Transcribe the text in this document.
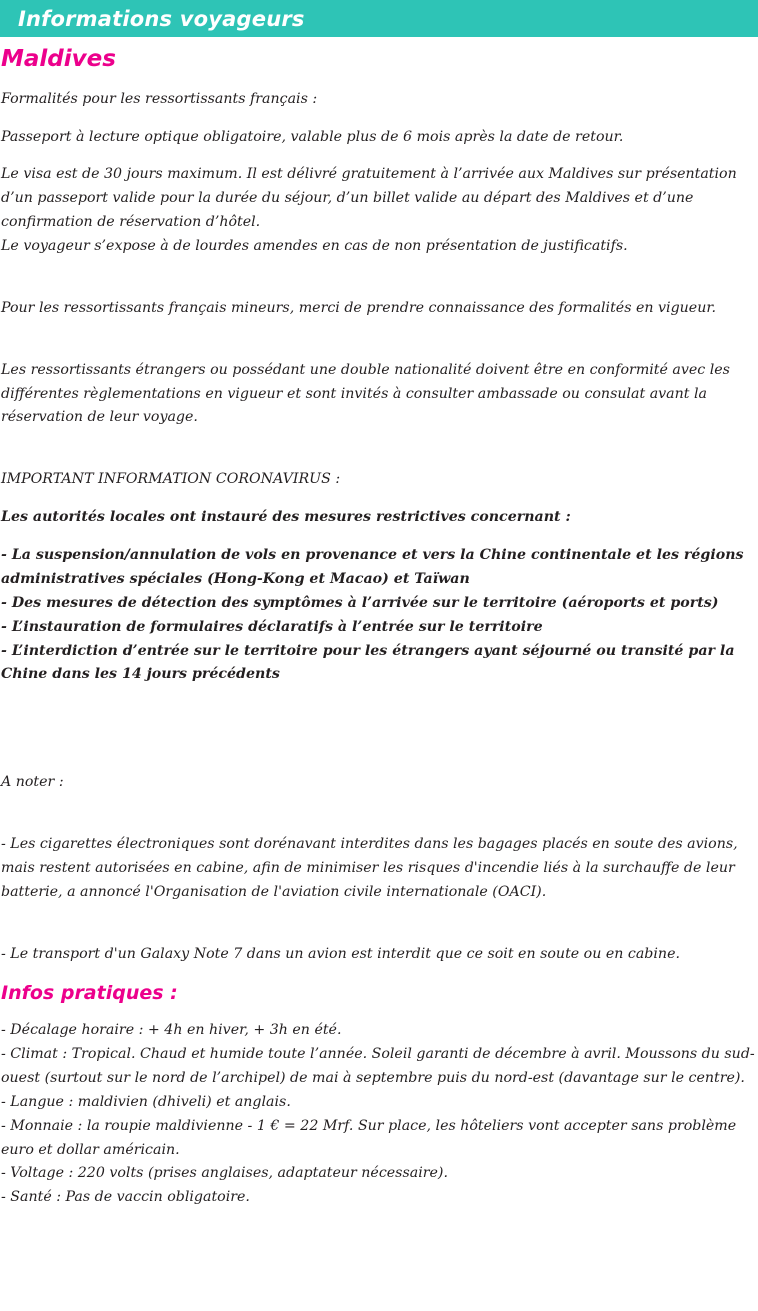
Informations voyageurs
Maldives

Formalités pour les ressortissants français :

Passeport à lecture optique obligatoire, valable plus de 6 mois après la date de retour.

Le visa est de 30 jours maximum. Il est délivré gratuitement à l’arrivée aux Maldives sur présentation d’un passeport valide pour la durée du séjour, d’un billet valide au départ des Maldives et d’une confirmation de réservation d’hôtel.

Le voyageur s’expose à de lourdes amendes en cas de non présentation de justificatifs.

Pour les ressortissants français mineurs, merci de prendre connaissance des formalités en vigueur.

Les ressortissants étrangers ou possédant une double nationalité doivent être en conformité avec les différentes règlementations en vigueur et sont invités à consulter ambassade ou consulat avant la réservation de leur voyage.

IMPORTANT INFORMATION CORONAVIRUS :

Les autorités locales ont instauré des mesures restrictives concernant :

- La suspension/annulation de vols en provenance et vers la Chine continentale et les régions administratives spéciales (Hong-Kong et Macao) et Taïwan

- Des mesures de détection des symptômes à l’arrivée sur le territoire (aéroports et ports)

- L’instauration de formulaires déclaratifs à l’entrée sur le territoire

- L’interdiction d’entrée sur le territoire pour les étrangers ayant séjourné ou transité par la Chine dans les 14 jours précédents

A noter :

- Les cigarettes électroniques sont dorénavant interdites dans les bagages placés en soute des avions, mais restent autorisées en cabine, afin de minimiser les risques d'incendie liés à la surchauffe de leur batterie, a annoncé l'Organisation de l'aviation civile internationale (OACI).

- Le transport d'un Galaxy Note 7 dans un avion est interdit que ce soit en soute ou en cabine.

Infos pratiques :

- Décalage horaire : + 4h en hiver, + 3h en été.

- Climat : Tropical. Chaud et humide toute l’année. Soleil garanti de décembre à avril. Moussons du sud-ouest (surtout sur le nord de l’archipel) de mai à septembre puis du nord-est (davantage sur le centre).

- Langue : maldivien (dhiveli) et anglais.

- Monnaie : la roupie maldivienne - 1 € = 22 Mrf. Sur place, les hôteliers vont accepter sans problème euro et dollar américain.

- Voltage : 220 volts (prises anglaises, adaptateur nécessaire).

- Santé : Pas de vaccin obligatoire.
